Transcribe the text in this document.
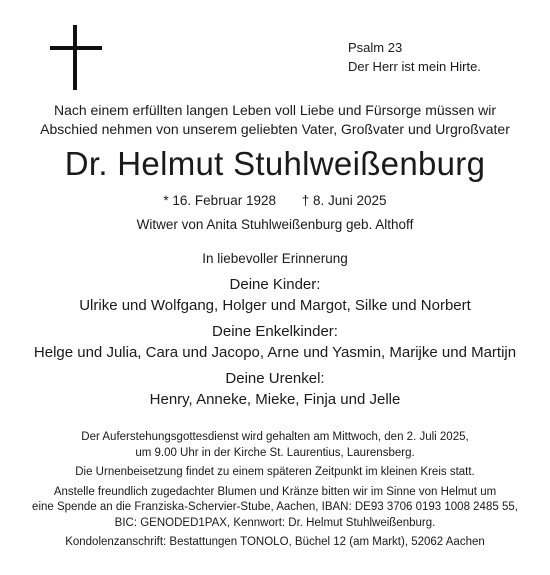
Psalm 23
Der Herr ist mein Hirte.
Nach einem erfüllten langen Leben voll Liebe und Fürsorge müssen wir
Abschied nehmen von unserem geliebten Vater, Großvater und Urgroßvater
Dr. Helmut Stuhlweißenburg
* 16. Februar 1928 † 8. Juni 2025
Witwer von Anita Stuhlweißenburg geb. Althoff
In liebevoller Erinnerung
Deine Kinder:
Ulrike und Wolfgang, Holger und Margot, Silke und Norbert
Deine Enkelkinder:
Helge und Julia, Cara und Jacopo, Arne und Yasmin, Marijke und Martijn
Deine Urenkel:
Henry, Anneke, Mieke, Finja und Jelle

Der Auferstehungsgottesdienst wird gehalten am Mittwoch, den 2. Juli 2025,
um 9.00 Uhr in der Kirche St. Laurentius, Laurensberg.

Die Urnenbeisetzung findet zu einem späteren Zeitpunkt im kleinen Kreis statt.

Anstelle freundlich zugedachter Blumen und Kränze bitten wir im Sinne von Helmut um
eine Spende an die Franziska-Schervier-Stube, Aachen, IBAN: DE93 3706 0193 1008 2485 55,
BIC: GENODED1PAX, Kennwort: Dr. Helmut Stuhlweißenburg.

Kondolenzanschrift: Bestattungen TONOLO, Büchel 12 (am Markt), 52062 Aachen
